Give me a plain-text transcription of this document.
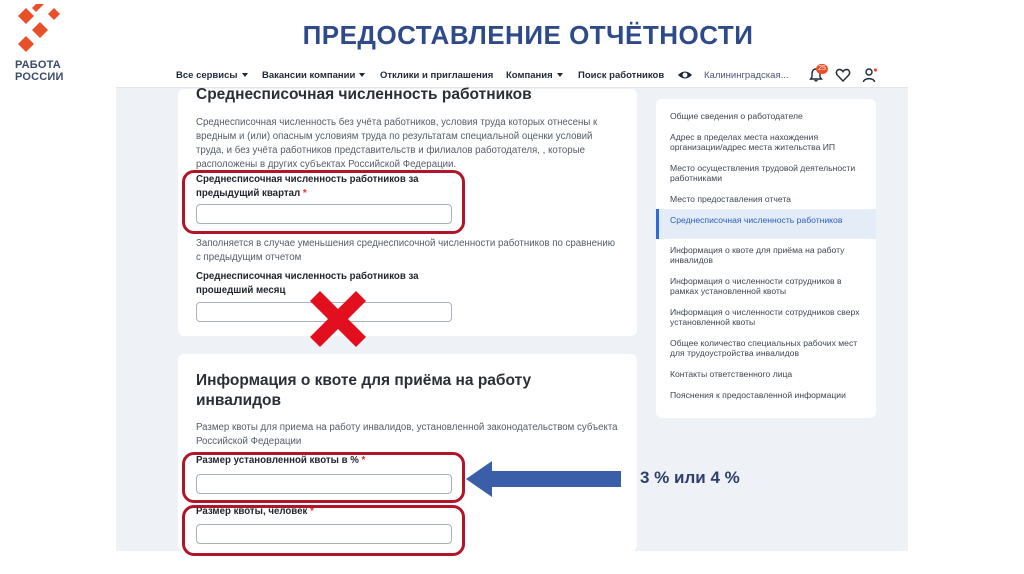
РАБОТА
РОССИИ
ПРЕДОСТАВЛЕНИЕ ОТЧЁТНОСТИ
Все сервисы	Вакансии компании	Отклики и приглашения Компания	Поиск работников	Калининградская...
25
Среднесписочная численность работников
Среднесписочная численность без учёта работников, условия труда которых отнесены к вредным и (или) опасным условиям труда по результатам специальной оценки условий труда, и без учёта работников представительств и филиалов работодателя, , которые расположены в других субъектах Российской Федерации.
Среднесписочная численность работников за предыдущий квартал *
Заполняется в случае уменьшения среднесписочной численности работников по сравнению с предыдущим отчетом
Среднесписочная численность работников за прошедший месяц
Информация о квоте для приёма на работу инвалидов
Размер квоты для приема на работу инвалидов, установленной законодательством субъекта Российской Федерации
Размер установленной квоты в % *
Размер квоты, человек *
Общие сведения о работодателе
Адрес в пределах места нахождения организации/адрес места жительства ИП
Место осуществления трудовой деятельности работниками
Место предоставления отчета
Среднесписочная численность работников
Информация о квоте для приёма на работу инвалидов
Информация о численности сотрудников в рамках установленной квоты
Информация о численности сотрудников сверх установленной квоты
Общее количество специальных рабочих мест для трудоустройства инвалидов
Контакты ответственного лица
Пояснения к предоставленной информации
3 % или 4 %
